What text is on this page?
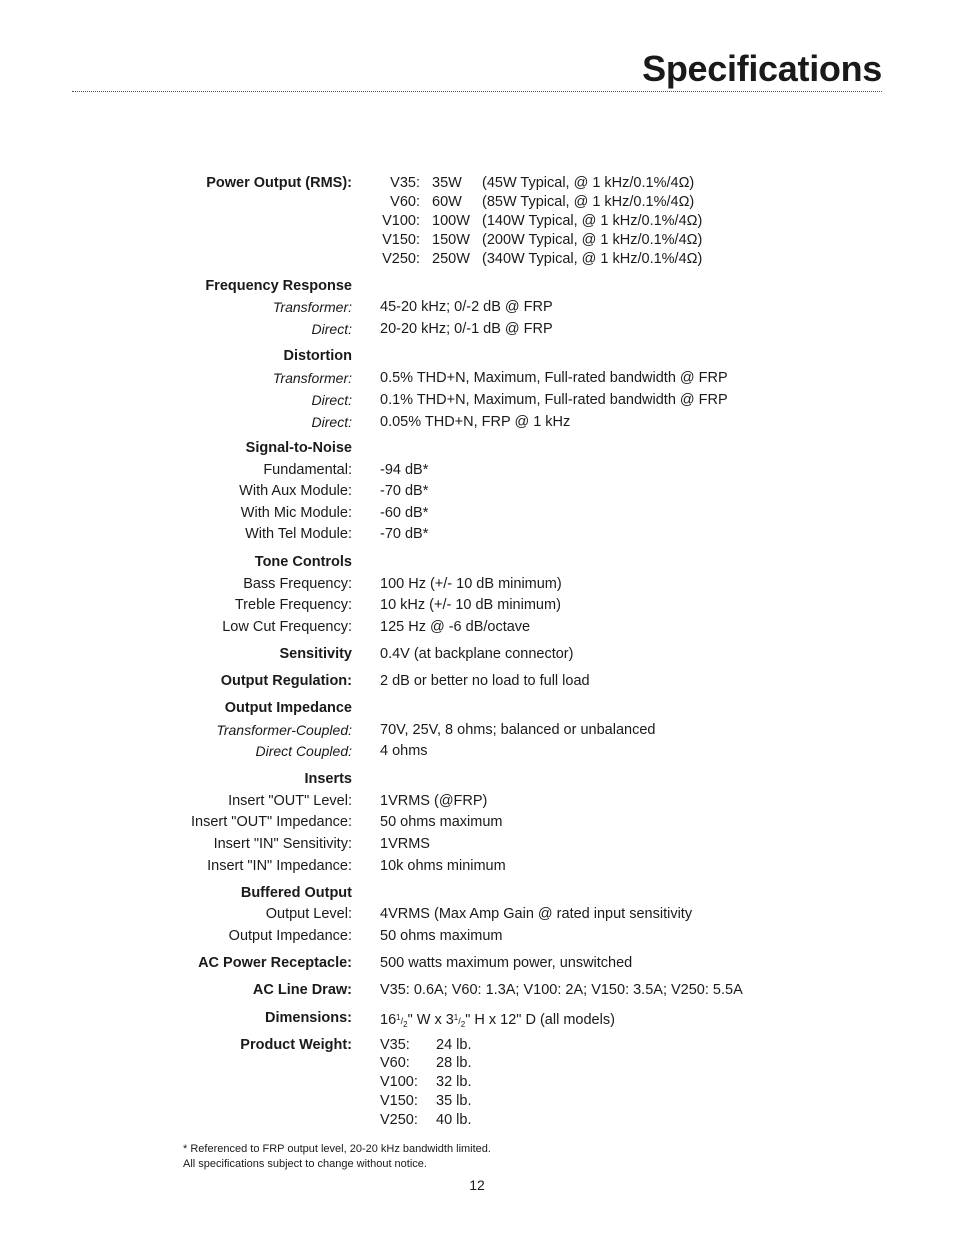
Specifications
Power Output (RMS):	V35: 35W (45W Typical, @ 1 kHz/0.1%/4Ω)
V60: 60W (85W Typical, @ 1 kHz/0.1%/4Ω)
V100: 100W (140W Typical, @ 1 kHz/0.1%/4Ω)
V150: 150W (200W Typical, @ 1 kHz/0.1%/4Ω)
V250: 250W (340W Typical, @ 1 kHz/0.1%/4Ω)
Frequency Response
Transformer: 45-20 kHz; 0/-2 dB @ FRP
Direct: 20-20 kHz; 0/-1 dB @ FRP
Distortion
Transformer: 0.5% THD+N, Maximum, Full-rated bandwidth @ FRP
Direct: 0.1% THD+N, Maximum, Full-rated bandwidth @ FRP
Direct: 0.05% THD+N, FRP @ 1 kHz
Signal-to-Noise
Fundamental: -94 dB*
With Aux Module: -70 dB*
With Mic Module: -60 dB*
With Tel Module: -70 dB*
Tone Controls
Bass Frequency: 100 Hz (+/- 10 dB minimum)
Treble Frequency: 10 kHz (+/- 10 dB minimum)
Low Cut Frequency: 125 Hz @ -6 dB/octave
Sensitivity 0.4V (at backplane connector)
Output Regulation: 2 dB or better no load to full load
Output Impedance
Transformer-Coupled: 70V, 25V, 8 ohms; balanced or unbalanced
Direct Coupled: 4 ohms
Inserts
Insert "OUT" Level: 1VRMS (@FRP)
Insert "OUT" Impedance: 50 ohms maximum
Insert "IN" Sensitivity: 1VRMS
Insert "IN" Impedance: 10k ohms minimum
Buffered Output
Output Level: 4VRMS (Max Amp Gain @ rated input sensitivity
Output Impedance: 50 ohms maximum
AC Power Receptacle: 500 watts maximum power, unswitched
AC Line Draw: V35: 0.6A; V60: 1.3A; V100: 2A; V150: 3.5A; V250: 5.5A
Dimensions: $16^1/_2$" W x $3^1/_2$" H x 12" D (all models)
Product Weight: V35: 24 lb.
V60: 28 lb.
V100: 32 lb.
V150: 35 lb.
V250: 40 lb.
* Referenced to FRP output level, 20-20 kHz bandwidth limited.
All specifications subject to change without notice.
12
